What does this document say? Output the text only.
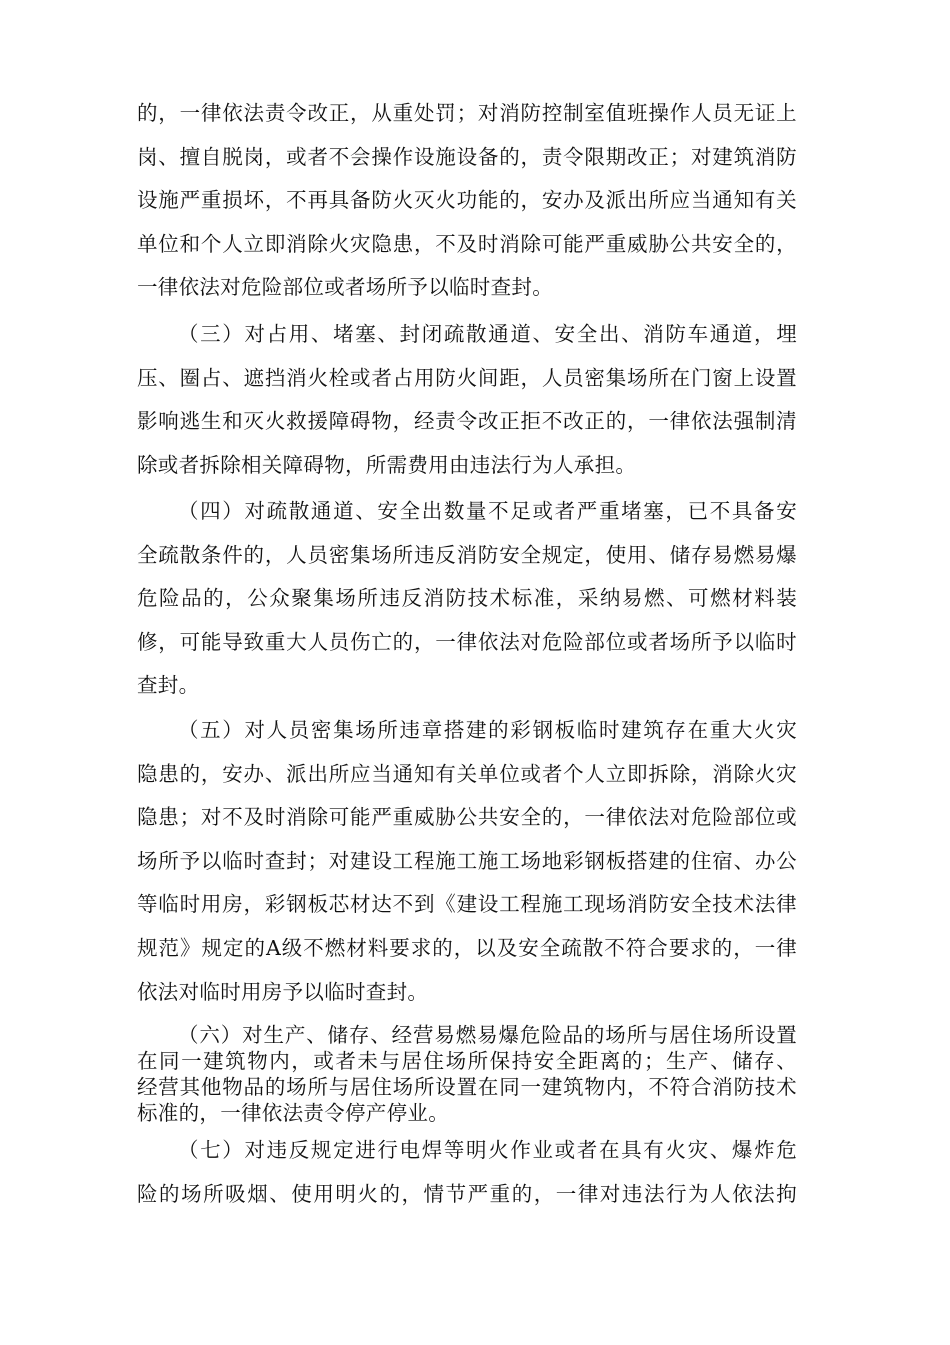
的，一律依法责令改正，从重处罚；对消防控制室值班操作人员无证上
岗、擅自脱岗，或者不会操作设施设备的，责令限期改正；对建筑消防
设施严重损坏，不再具备防火灭火功能的，安办及派出所应当通知有关
单位和个人立即消除火灾隐患，不及时消除可能严重威胁公共安全的，
一律依法对危险部位或者场所予以临时查封。
（三）对占用、堵塞、封闭疏散通道、安全出、消防车通道，埋
压、圈占、遮挡消火栓或者占用防火间距，人员密集场所在门窗上设置
影响逃生和灭火救援障碍物，经责令改正拒不改正的，一律依法强制清
除或者拆除相关障碍物，所需费用由违法行为人承担。
（四）对疏散通道、安全出数量不足或者严重堵塞，已不具备安
全疏散条件的，人员密集场所违反消防安全规定，使用、储存易燃易爆
危险品的，公众聚集场所违反消防技术标准，采纳易燃、可燃材料装
修，可能导致重大人员伤亡的，一律依法对危险部位或者场所予以临时
查封。
（五）对人员密集场所违章搭建的彩钢板临时建筑存在重大火灾
隐患的，安办、派出所应当通知有关单位或者个人立即拆除，消除火灾
隐患；对不及时消除可能严重威胁公共安全的，一律依法对危险部位或
场所予以临时查封；对建设工程施工施工场地彩钢板搭建的住宿、办公
等临时用房，彩钢板芯材达不到《建设工程施工现场消防安全技术法律
规范》规定的A级不燃材料要求的，以及安全疏散不符合要求的，一律
依法对临时用房予以临时查封。
（六）对生产、储存、经营易燃易爆危险品的场所与居住场所设置
在同一建筑物内，或者未与居住场所保持安全距离的；生产、储存、
经营其他物品的场所与居住场所设置在同一建筑物内，不符合消防技术
标准的，一律依法责令停产停业。
（七）对违反规定进行电焊等明火作业或者在具有火灾、爆炸危
险的场所吸烟、使用明火的，情节严重的，一律对违法行为人依法拘
